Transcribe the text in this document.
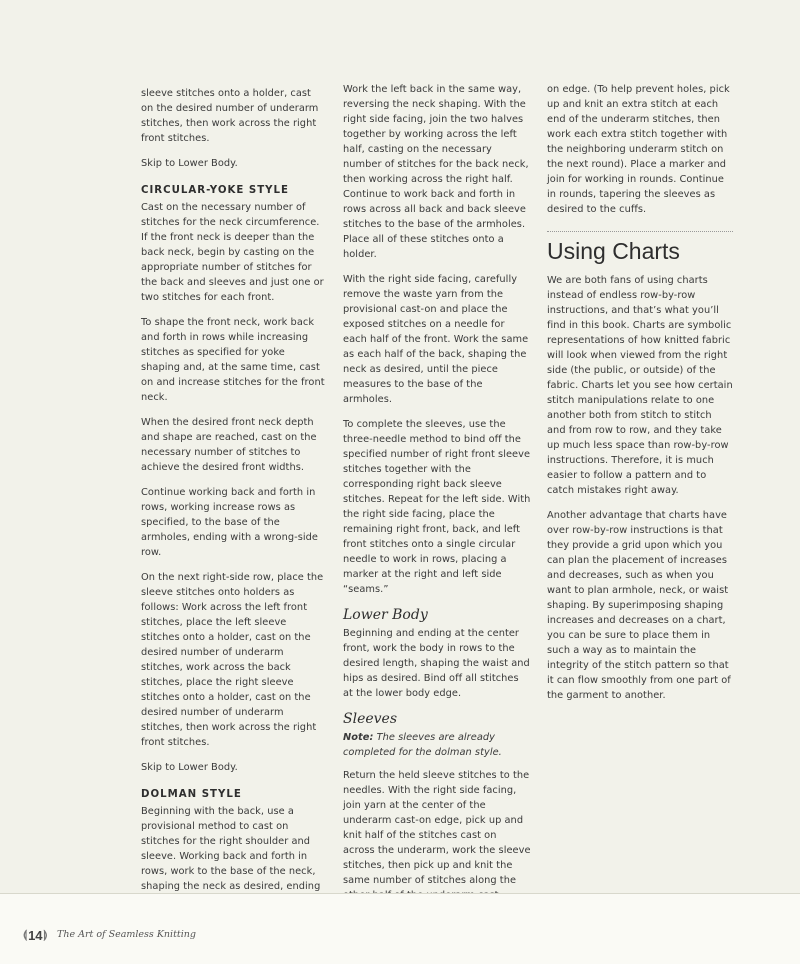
sleeve stitches onto a holder, cast on the desired number of underarm stitches, then work across the right front stitches.

Skip to Lower Body.

CIRCULAR-YOKE STYLE

Cast on the necessary number of stitches for the neck circumference. If the front neck is deeper than the back neck, begin by casting on the appropriate number of stitches for the back and sleeves and just one or two stitches for each front.

To shape the front neck, work back and forth in rows while increasing stitches as specified for yoke shaping and, at the same time, cast on and increase stitches for the front neck.

When the desired front neck depth and shape are reached, cast on the necessary number of stitches to achieve the desired front widths.

Continue working back and forth in rows, working increase rows as specified, to the base of the armholes, ending with a wrong-side row.

On the next right-side row, place the sleeve stitches onto holders as follows: Work across the left front stitches, place the left sleeve stitches onto a holder, cast on the desired number of underarm stitches, work across the back stitches, place the right sleeve stitches onto a holder, cast on the desired number of underarm stitches, then work across the right front stitches.

Skip to Lower Body.

DOLMAN STYLE

Beginning with the back, use a provisional method to cast on stitches for the right shoulder and sleeve. Working back and forth in rows, work to the base of the neck, shaping the neck as desired, ending

Work the left back in the same way, reversing the neck shaping. With the right side facing, join the two halves together by working across the left half, casting on the necessary number of stitches for the back neck, then working across the right half. Continue to work back and forth in rows across all back and back sleeve stitches to the base of the armholes. Place all of these stitches onto a holder.

With the right side facing, carefully remove the waste yarn from the provisional cast-on and place the exposed stitches on a needle for each half of the front. Work the same as each half of the back, shaping the neck as desired, until the piece measures to the base of the armholes.

To complete the sleeves, use the three-needle method to bind off the specified number of right front sleeve stitches together with the corresponding right back sleeve stitches. Repeat for the left side. With the right side facing, place the remaining right front, back, and left front stitches onto a single circular needle to work in rows, placing a marker at the right and left side “seams.”

Lower Body

Beginning and ending at the center front, work the body in rows to the desired length, shaping the waist and hips as desired. Bind off all stitches at the lower body edge.

Sleeves

Note: The sleeves are already completed for the dolman style.

Return the held sleeve stitches to the needles. With the right side facing, join yarn at the center of the underarm cast-on edge, pick up and knit half of the stitches cast on across the underarm, work the sleeve stitches, then pick up and knit the same number of stitches along the

on edge. (To help prevent holes, pick up and knit an extra stitch at each end of the underarm stitches, then work each extra stitch together with the neighboring underarm stitch on the next round). Place a marker and join for working in rounds. Continue in rounds, tapering the sleeves as desired to the cuffs.

Using Charts

We are both fans of using charts instead of endless row-by-row instructions, and that’s what you’ll find in this book. Charts are symbolic representations of how knitted fabric will look when viewed from the right side (the public, or outside) of the fabric. Charts let you see how certain stitch manipulations relate to one another both from stitch to stitch and from row to row, and they take up much less space than row-by-row instructions. Therefore, it is much easier to follow a pattern and to catch mistakes right away.

Another advantage that charts have over row-by-row instructions is that they provide a grid upon which you can plan the placement of increases and decreases, such as when you want to plan armhole, neck, or waist shaping. By superimposing shaping increases and decreases on a chart, you can be sure to place them in such a way as to maintain the integrity of the stitch pattern so that it can flow smoothly from one part of the garment to another.

⟬ 14 ⟭ The Art of Seamless Knitting
